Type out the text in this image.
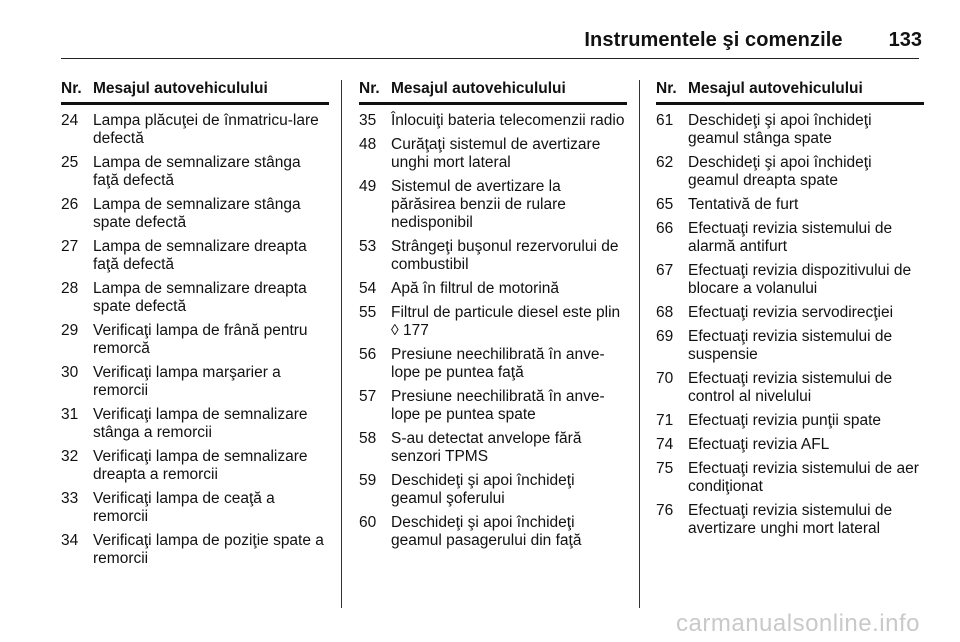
Instrumentele şi comenzile 133
Nr. Mesajul autovehiculului
24 Lampa plăcuţei de înmatricu-lare defectă
25 Lampa de semnalizare stânga faţă defectă
26 Lampa de semnalizare stânga spate defectă
27 Lampa de semnalizare dreapta faţă defectă
28 Lampa de semnalizare dreapta spate defectă
29 Verificaţi lampa de frână pentru remorcă
30 Verificaţi lampa marşarier a remorcii
31 Verificaţi lampa de semnalizare stânga a remorcii
32 Verificaţi lampa de semnalizare dreapta a remorcii
33 Verificaţi lampa de ceaţă a remorcii
34 Verificaţi lampa de poziţie spate a remorcii
Nr. Mesajul autovehiculului
35 Înlocuiţi bateria telecomenzii radio
48 Curăţaţi sistemul de avertizare unghi mort lateral
49 Sistemul de avertizare la părăsirea benzii de rulare nedisponibil
53 Strângeţi buşonul rezervorului de combustibil
54 Apă în filtrul de motorină
55 Filtrul de particule diesel este plin ◊ 177
56 Presiune neechilibrată în anve-lope pe puntea faţă
57 Presiune neechilibrată în anve-lope pe puntea spate
58 S-au detectat anvelope fără senzori TPMS
59 Deschideţi şi apoi închideţi geamul şoferului
60 Deschideţi şi apoi închideţi geamul pasagerului din faţă
Nr. Mesajul autovehiculului
61 Deschideţi şi apoi închideţi geamul stânga spate
62 Deschideţi şi apoi închideţi geamul dreapta spate
65 Tentativă de furt
66 Efectuaţi revizia sistemului de alarmă antifurt
67 Efectuaţi revizia dispozitivului de blocare a volanului
68 Efectuaţi revizia servodirecţiei
69 Efectuaţi revizia sistemului de suspensie
70 Efectuaţi revizia sistemului de control al nivelului
71 Efectuaţi revizia punţii spate
74 Efectuaţi revizia AFL
75 Efectuaţi revizia sistemului de aer condiţionat
76 Efectuaţi revizia sistemului de avertizare unghi mort lateral
carmanualsonline.info
